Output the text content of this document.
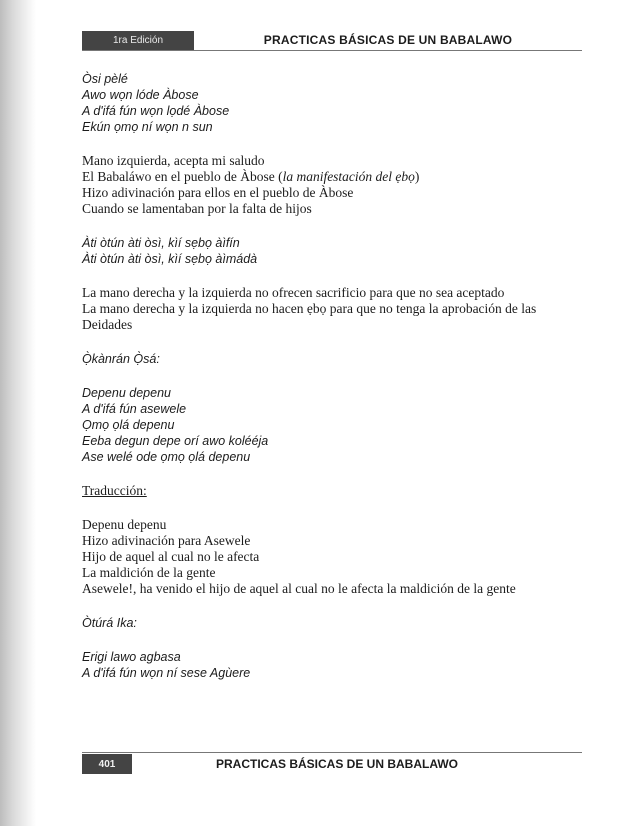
1ra Edición	PRACTICAS BÁSICAS DE UN BABALAWO
Òsi pèlé
Awo wọn lóde Àbose
A d'ifá fún wọn lọdé Àbose
Ekún ọmọ ní wọn n sun
Mano izquierda, acepta mi saludo
El Babaláwo en el pueblo de Àbose (la manifestación del ẹbọ)
Hizo adivinación para ellos en el pueblo de Àbose
Cuando se lamentaban por la falta de hijos
Àti òtún àti òsì, kìí sẹbọ àìfín
Àti òtún àti òsì, kìí sẹbọ àìmádà
La mano derecha y la izquierda no ofrecen sacrificio para que no sea aceptado
La mano derecha y la izquierda no hacen ẹbọ para que no tenga la aprobación de las Deidades
Ọ̀kànrán Ọ̀sá:
Depenu depenu
A d'ifá fún asewele
Ọmọ ọlá depenu
Eeba degun depe orí awo kolééja
Ase welé ode ọmọ ọlá depenu
Traducción:
Depenu depenu
Hizo adivinación para Asewele
Hijo de aquel al cual no le afecta
La maldición de la gente
Asewele!, ha venido el hijo de aquel al cual no le afecta la maldición de la gente
Òtúrá Ika:
Erigi lawo agbasa
A d'ifá fún wọn ní sese Agùere
401	PRACTICAS BÁSICAS DE UN BABALAWO
